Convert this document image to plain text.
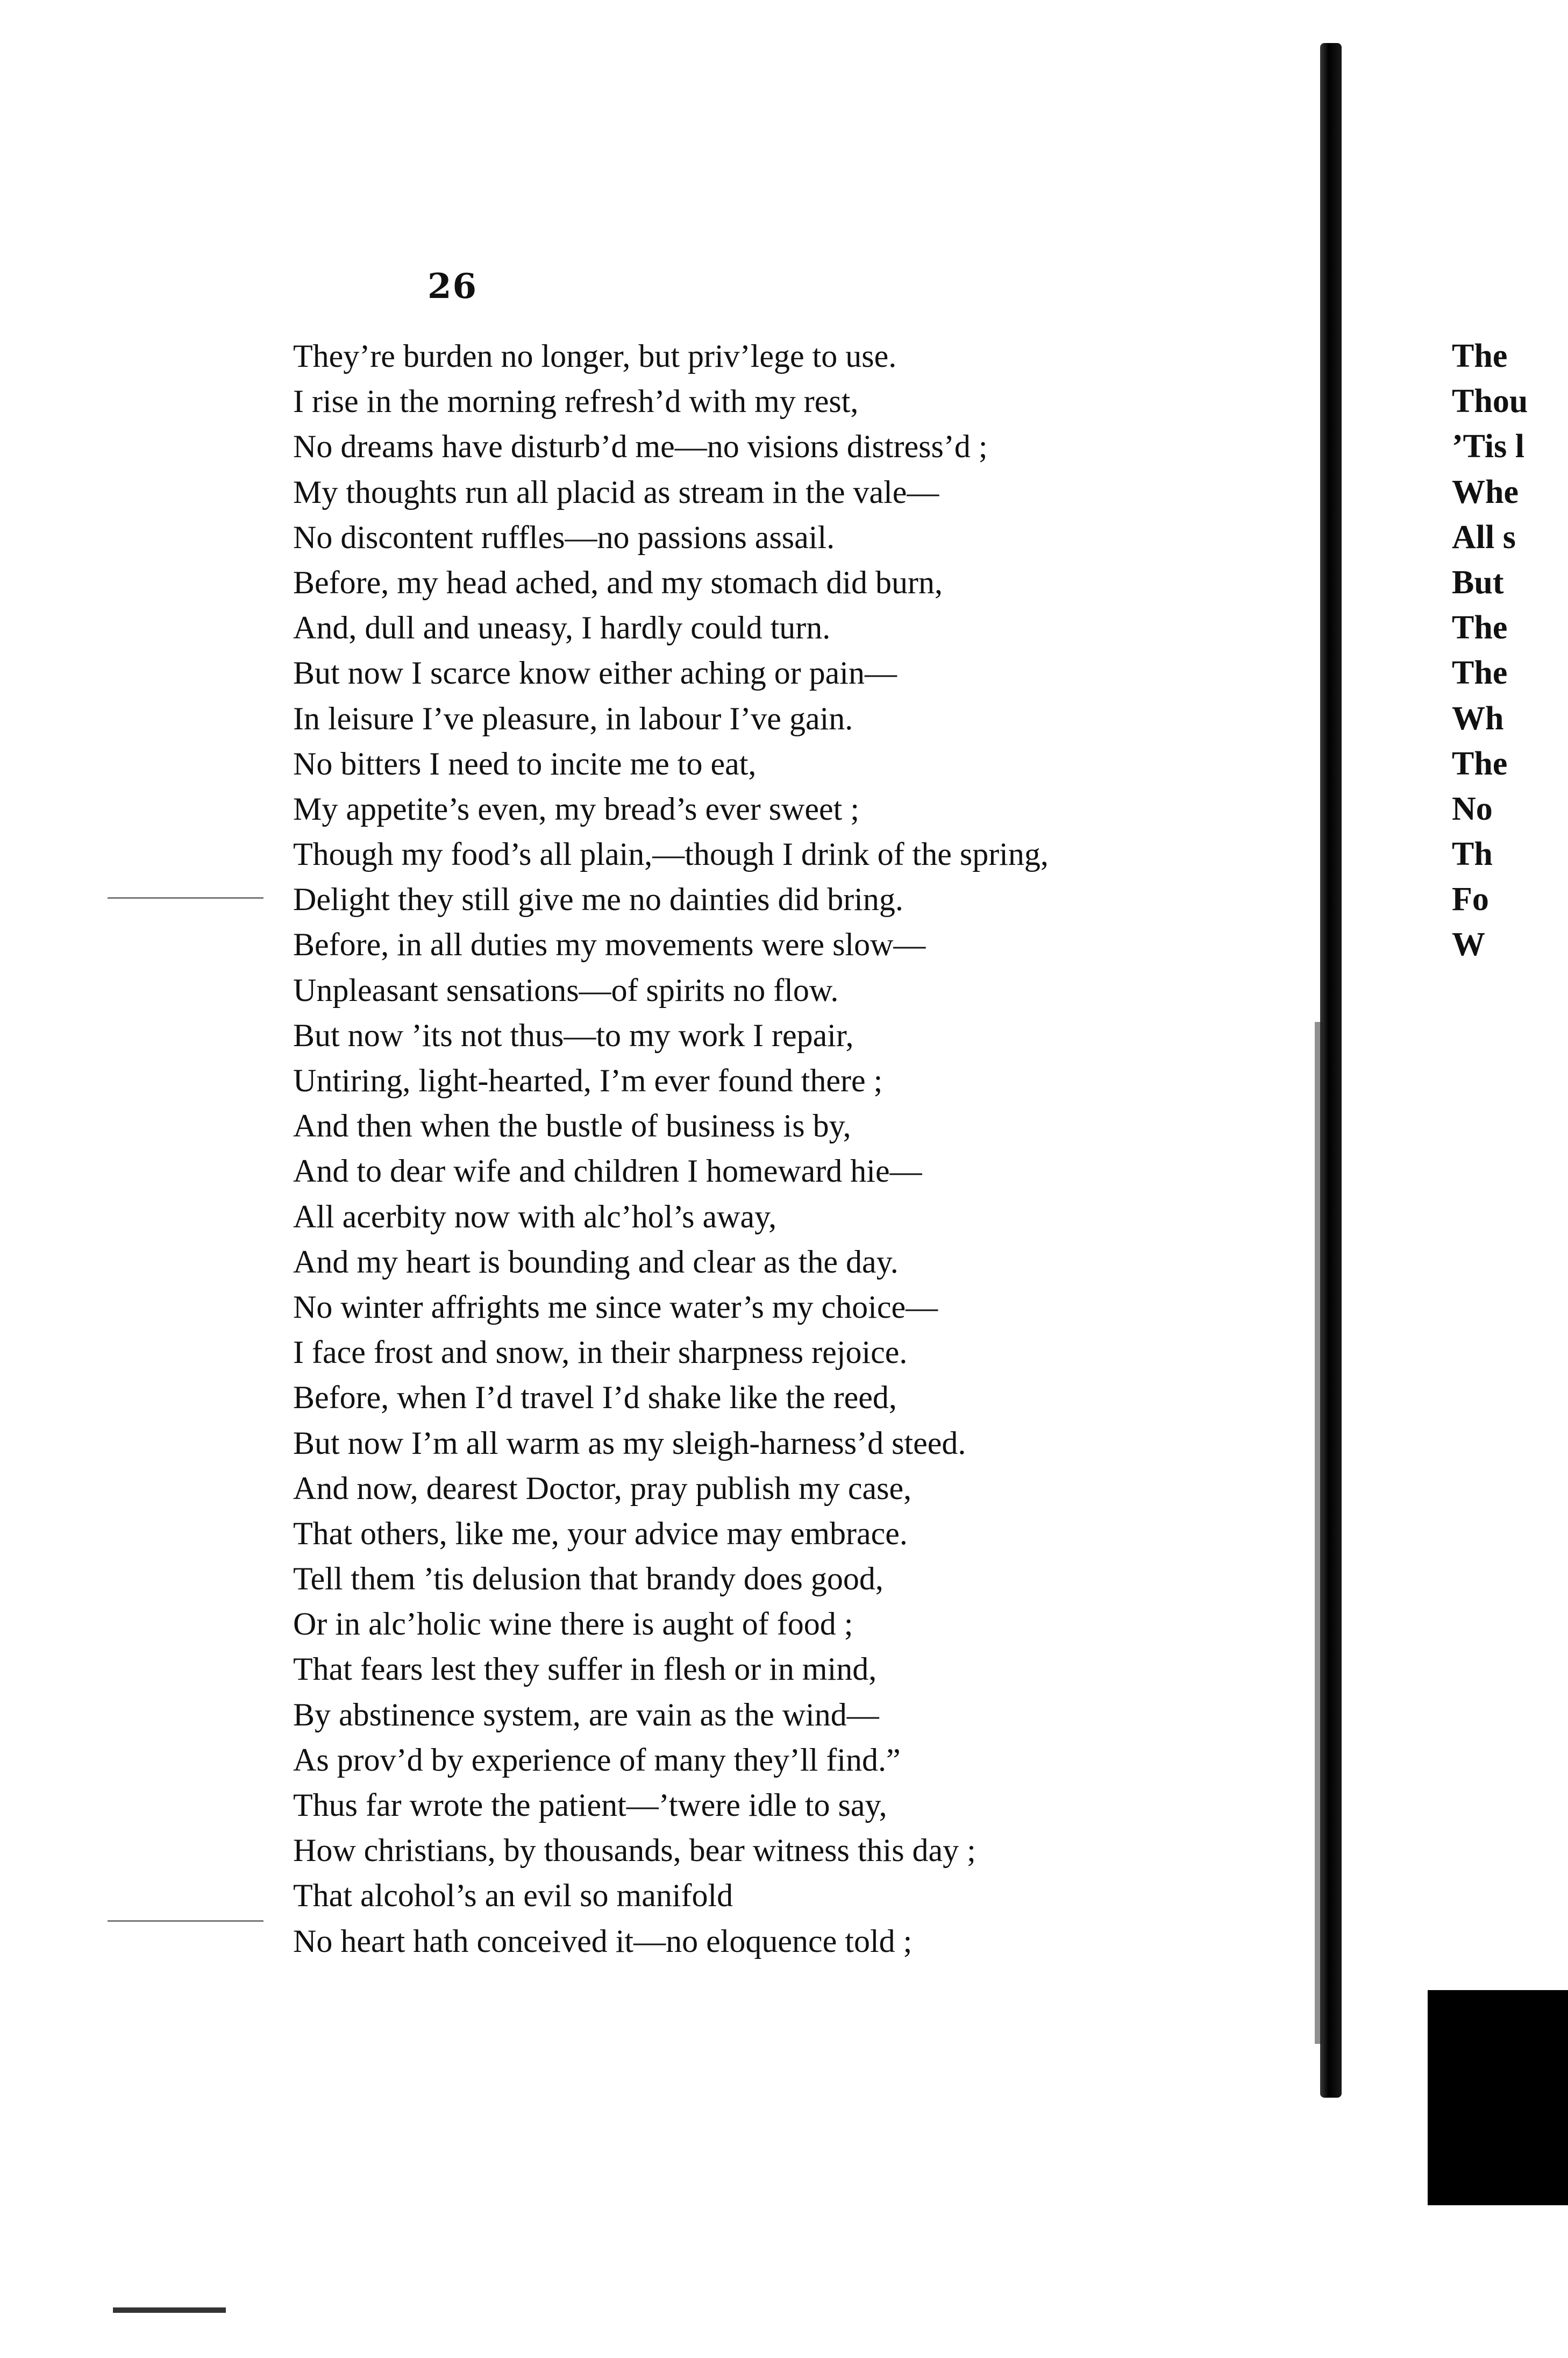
26
They’re burden no longer, but priv’lege to use.
I rise in the morning refresh’d with my rest,
No dreams have disturb’d me—no visions distress’d ;
My thoughts run all placid as stream in the vale—
No discontent ruffles—no passions assail.
Before, my head ached, and my stomach did burn,
And, dull and uneasy, I hardly could turn.
But now I scarce know either aching or pain—
In leisure I’ve pleasure, in labour I’ve gain.
No bitters I need to incite me to eat,
My appetite’s even, my bread’s ever sweet ;
Though my food’s all plain,—though I drink of the spring,
Delight they still give me no dainties did bring.
Before, in all duties my movements were slow—
Unpleasant sensations—of spirits no flow.
But now ’its not thus—to my work I repair,
Untiring, light-hearted, I’m ever found there ;
And then when the bustle of business is by,
And to dear wife and children I homeward hie—
All acerbity now with alc’hol’s away,
And my heart is bounding and clear as the day.
No winter affrights me since water’s my choice—
I face frost and snow, in their sharpness rejoice.
Before, when I’d travel I’d shake like the reed,
But now I’m all warm as my sleigh-harness’d steed.
And now, dearest Doctor, pray publish my case,
That others, like me, your advice may embrace.
Tell them ’tis delusion that brandy does good,
Or in alc’holic wine there is aught of food ;
That fears lest they suffer in flesh or in mind,
By abstinence system, are vain as the wind—
As prov’d by experience of many they’ll find.”
Thus far wrote the patient—’twere idle to say,
How christians, by thousands, bear witness this day ;
That alcohol’s an evil so manifold
No heart hath conceived it—no eloquence told ;
The
Thou
’Tis l
Whe
All s
But
The
The
Wh
The
No
Th
Fo
W
